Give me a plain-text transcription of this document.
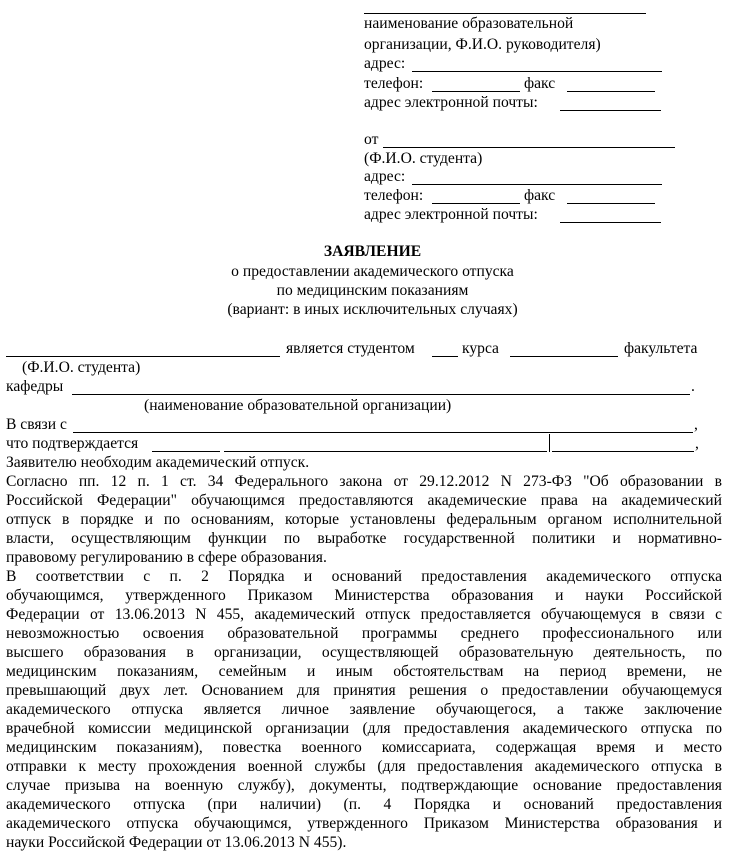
наименование образовательной
организации, Ф.И.О. руководителя)
адрес:
телефон:	факс
адрес электронной почты:
от
(Ф.И.О. студента)
адрес:
телефон:	факс
адрес электронной почты:
ЗАЯВЛЕНИЕ
о предоставлении академического отпуска
по медицинским показаниям
(вариант: в иных исключительных случаях)
является студентом	курса	факультета
(Ф.И.О. студента)
кафедры	.
(наименование образовательной организации)
В связи с	,
что подтверждается	,
Заявителю необходим академический отпуск.
Согласно пп. 12 п. 1 ст. 34 Федерального закона от 29.12.2012 N 273-ФЗ "Об образовании в
Российской Федерации" обучающимся предоставляются академические права на академический
отпуск в порядке и по основаниям, которые установлены федеральным органом исполнительной
власти, осуществляющим функции по выработке государственной политики и нормативно-
правовому регулированию в сфере образования.
В соответствии с п. 2 Порядка и оснований предоставления академического отпуска
обучающимся, утвержденного Приказом Министерства образования и науки Российской
Федерации от 13.06.2013 N 455, академический отпуск предоставляется обучающемуся в связи с
невозможностью освоения образовательной программы среднего профессионального или
высшего образования в организации, осуществляющей образовательную деятельность, по
медицинским показаниям, семейным и иным обстоятельствам на период времени, не
превышающий двух лет. Основанием для принятия решения о предоставлении обучающемуся
академического отпуска является личное заявление обучающегося, а также заключение
врачебной комиссии медицинской организации (для предоставления академического отпуска по
медицинским показаниям), повестка военного комиссариата, содержащая время и место
отправки к месту прохождения военной службы (для предоставления академического отпуска в
случае призыва на военную службу), документы, подтверждающие основание предоставления
академического отпуска (при наличии) (п. 4 Порядка и оснований предоставления
академического отпуска обучающимся, утвержденного Приказом Министерства образования и
науки Российской Федерации от 13.06.2013 N 455).
